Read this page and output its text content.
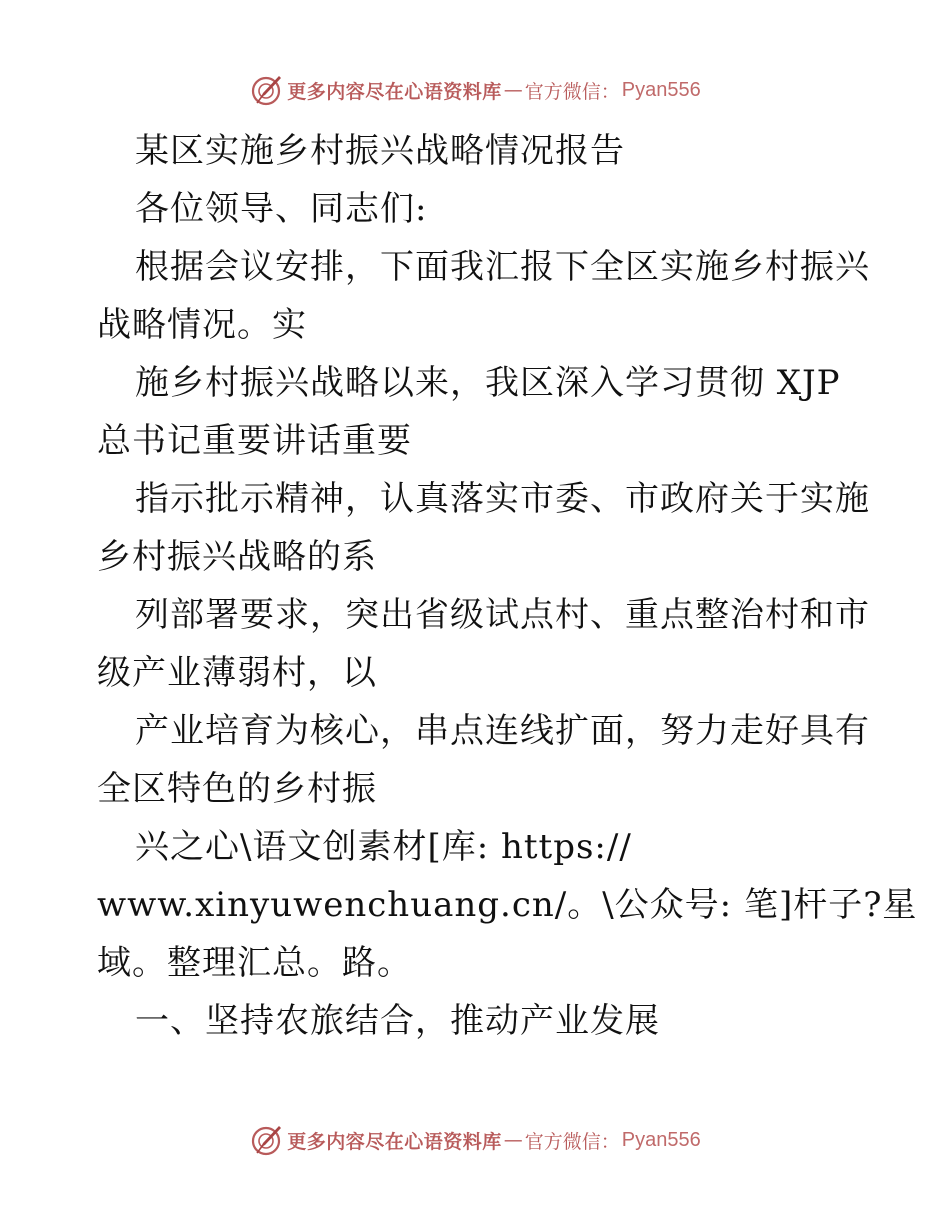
更多内容尽在心语资料库 — 官方微信： Pyan556
某区实施乡村振兴战略情况报告
各位领导、同志们:
根据会议安排，下面我汇报下全区实施乡村振兴
战略情况。实
施乡村振兴战略以来，我区深入学习贯彻 XJP
总书记重要讲话重要
指示批示精神，认真落实市委、市政府关于实施
乡村振兴战略的系
列部署要求，突出省级试点村、重点整治村和市
级产业薄弱村，以
产业培育为核心，串点连线扩面，努力走好具有
全区特色的乡村振
兴之心\语文创素材[库: https://
www.xinyuwenchuang.cn/。\公众号: 笔]杆子?星
域。整理汇总。路。
一、坚持农旅结合，推动产业发展
更多内容尽在心语资料库 — 官方微信： Pyan556
